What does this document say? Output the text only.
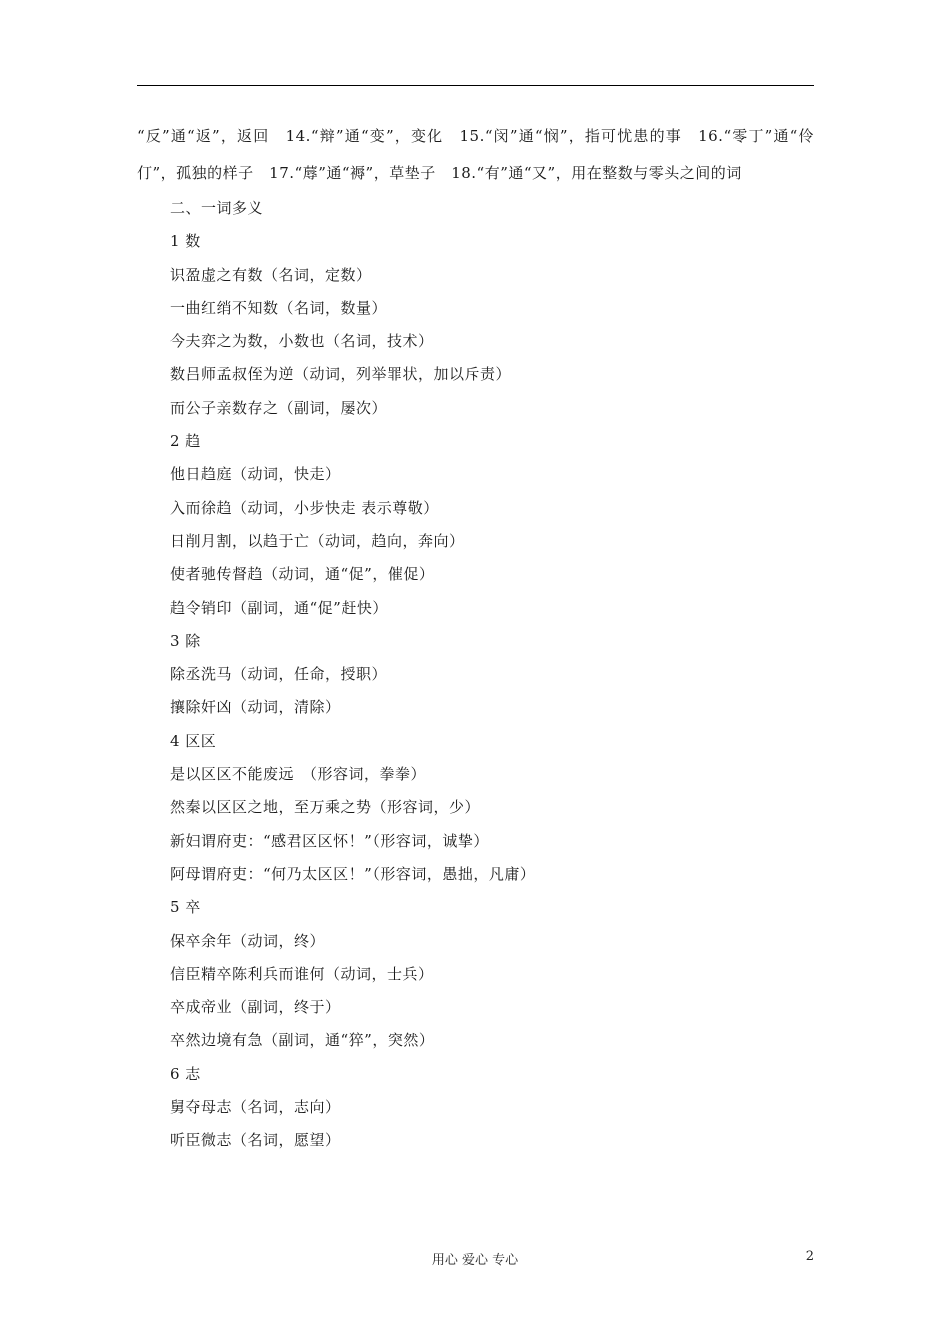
“反”通“返”，返回　14.“辩”通“变”，变化　15.“闵”通“悯”，指可忧患的事　16.“零丁”通“伶仃”，孤独的样子　17.“蓐”通“褥”，草垫子　18.“有”通“又”，用在整数与零头之间的词

二、一词多义

1 数

识盈虚之有数（名词，定数）

一曲红绡不知数（名词，数量）

今夫弈之为数，小数也（名词，技术）

数吕师孟叔侄为逆（动词，列举罪状，加以斥责）

而公子亲数存之（副词，屡次）

2 趋

他日趋庭（动词，快走）

入而徐趋（动词，小步快走 表示尊敬）

日削月割，以趋于亡（动词，趋向，奔向）

使者驰传督趋（动词，通“促”，催促）

趋令销印（副词，通“促”赶快）

3 除

除丞洗马（动词，任命，授职）

攘除奸凶（动词，清除）

4 区区

是以区区不能废远　（形容词，拳拳）

然秦以区区之地，至万乘之势（形容词，少）

新妇谓府吏：“感君区区怀！”（形容词，诚挚）

阿母谓府吏：“何乃太区区！”（形容词，愚拙，凡庸）

5 卒

保卒余年（动词，终）

信臣精卒陈利兵而谁何（动词，士兵）

卒成帝业（副词，终于）

卒然边境有急（副词，通“猝”，突然）

6 志

舅夺母志（名词，志向）

听臣微志（名词，愿望）

用心 爱心 专心	2
